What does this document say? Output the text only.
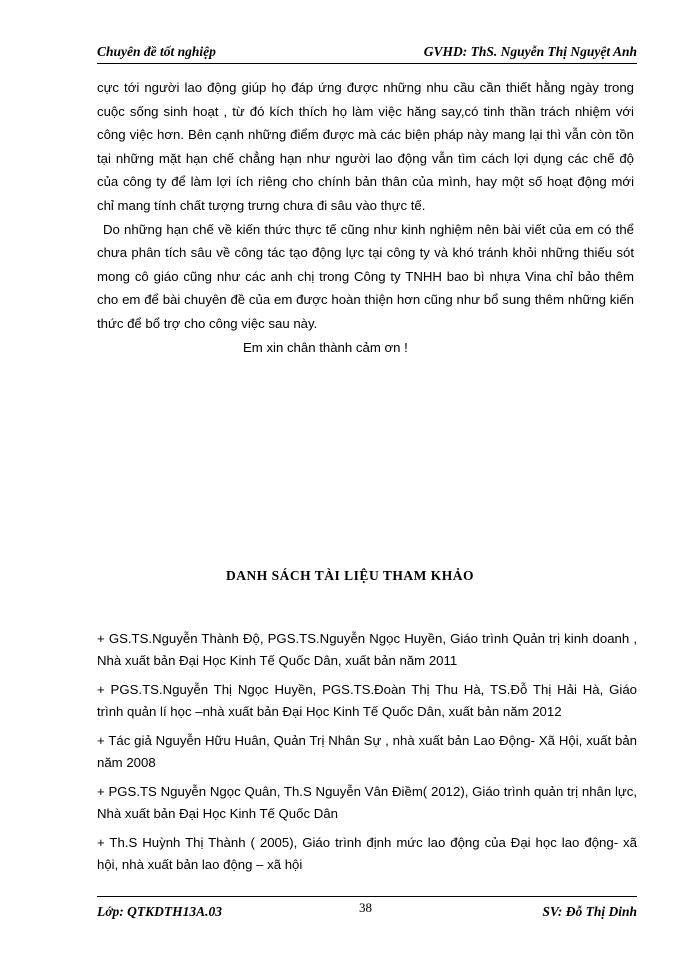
Chuyên đề tốt nghiệp	GVHD: ThS. Nguyễn Thị Nguyệt Anh

cực tới người lao động giúp họ đáp ứng được những nhu cầu cần thiết hằng ngày trong cuộc sống sinh hoạt , từ đó kích thích họ làm việc hăng say,có tinh thần trách nhiệm với công việc hơn. Bên cạnh những điểm được mà các biện pháp này mang lại thì vẫn còn tồn tại những mặt hạn chế chẳng hạn như người lao động vẫn tìm cách lợi dụng các chế độ của công ty để làm lợi ích riêng cho chính bản thân của mình, hay một số hoạt động mới chỉ mang tính chất tượng trưng chưa đi sâu vào thực tế.

Do những hạn chế về kiến thức thực tế cũng như kinh nghiệm nên bài viết của em có thể chưa phân tích sâu về công tác tạo động lực tại công ty và khó tránh khỏi những thiếu sót mong cô giáo cũng như các anh chị trong Công ty TNHH bao bì nhựa Vina chỉ bảo thêm cho em để bài chuyên đề của em được hoàn thiện hơn cũng như bổ sung thêm những kiến thức để bổ trợ cho công việc sau này.

Em xin chân thành cảm ơn !
DANH SÁCH TÀI LIỆU THAM KHẢO

+ GS.TS.Nguyễn Thành Độ, PGS.TS.Nguyễn Ngọc Huyền, Giáo trình Quản trị kinh doanh , Nhà xuất bản Đại Học Kinh Tế Quốc Dân, xuất bản năm 2011

+ PGS.TS.Nguyễn Thị Ngọc Huyền, PGS.TS.Đoàn Thị Thu Hà, TS.Đỗ Thị Hải Hà, Giáo trình quản lí học –nhà xuất bản Đại Học Kinh Tế Quốc Dân, xuất bản năm 2012

+ Tác giả Nguyễn Hữu Huân, Quản Trị Nhân Sự , nhà xuất bản Lao Động- Xã Hội, xuất bản năm 2008

+ PGS.TS Nguyễn Ngọc Quân, Th.S Nguyễn Vân Điềm( 2012), Giáo trình quản trị nhân lực, Nhà xuất bản Đại Học Kinh Tế Quốc Dân

+ Th.S Huỳnh Thị Thành ( 2005), Giáo trình định mức lao động của Đại học lao động- xã hội, nhà xuất bản lao động – xã hội

Lớp: QTKDTH13A.03	38	SV: Đỗ Thị Dinh
